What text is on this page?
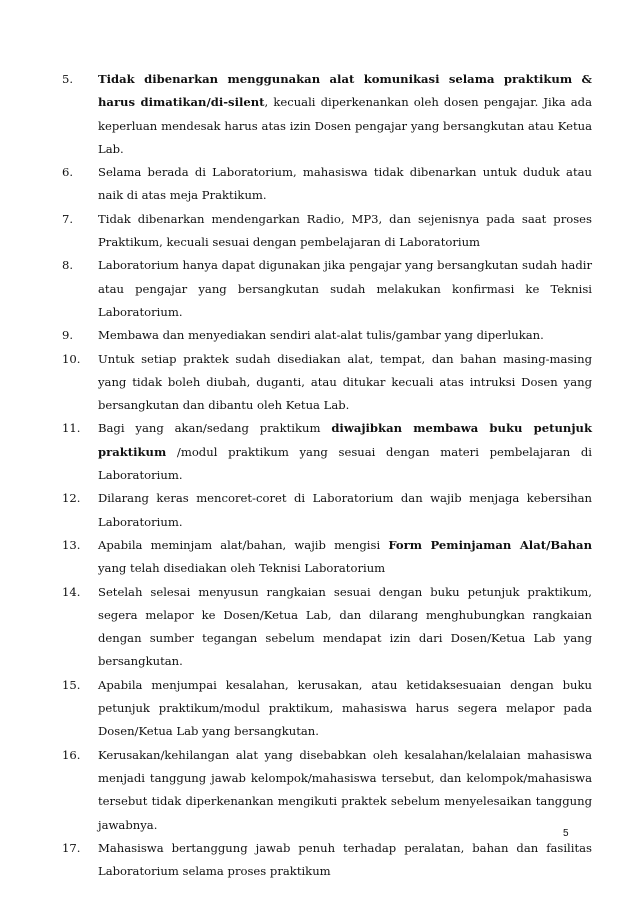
5. Tidak dibenarkan menggunakan alat komunikasi selama praktikum & harus dimatikan/di-silent, kecuali diperkenankan oleh dosen pengajar. Jika ada keperluan mendesak harus atas izin Dosen pengajar yang bersangkutan atau Ketua Lab.
6. Selama berada di Laboratorium, mahasiswa tidak dibenarkan untuk duduk atau naik di atas meja Praktikum.
7. Tidak dibenarkan mendengarkan Radio, MP3, dan sejenisnya pada saat proses Praktikum, kecuali sesuai dengan pembelajaran di Laboratorium
8. Laboratorium hanya dapat digunakan jika pengajar yang bersangkutan sudah hadir atau pengajar yang bersangkutan sudah melakukan konfirmasi ke Teknisi Laboratorium.
9. Membawa dan menyediakan sendiri alat-alat tulis/gambar yang diperlukan.
10. Untuk setiap praktek sudah disediakan alat, tempat, dan bahan masing-masing yang tidak boleh diubah, duganti, atau ditukar kecuali atas intruksi Dosen yang bersangkutan dan dibantu oleh Ketua Lab.
11. Bagi yang akan/sedang praktikum diwajibkan membawa buku petunjuk praktikum /modul praktikum yang sesuai dengan materi pembelajaran di Laboratorium.
12. Dilarang keras mencoret-coret di Laboratorium dan wajib menjaga kebersihan Laboratorium.
13. Apabila meminjam alat/bahan, wajib mengisi Form Peminjaman Alat/Bahan yang telah disediakan oleh Teknisi Laboratorium
14. Setelah selesai menyusun rangkaian sesuai dengan buku petunjuk praktikum, segera melapor ke Dosen/Ketua Lab, dan dilarang menghubungkan rangkaian dengan sumber tegangan sebelum mendapat izin dari Dosen/Ketua Lab yang bersangkutan.
15. Apabila menjumpai kesalahan, kerusakan, atau ketidaksesuaian dengan buku petunjuk praktikum/modul praktikum, mahasiswa harus segera melapor pada Dosen/Ketua Lab yang bersangkutan.
16. Kerusakan/kehilangan alat yang disebabkan oleh kesalahan/kelalaian mahasiswa menjadi tanggung jawab kelompok/mahasiswa tersebut, dan kelompok/mahasiswa tersebut tidak diperkenankan mengikuti praktek sebelum menyelesaikan tanggung jawabnya.
17. Mahasiswa bertanggung jawab penuh terhadap peralatan, bahan dan fasilitas Laboratorium selama proses praktikum
5
